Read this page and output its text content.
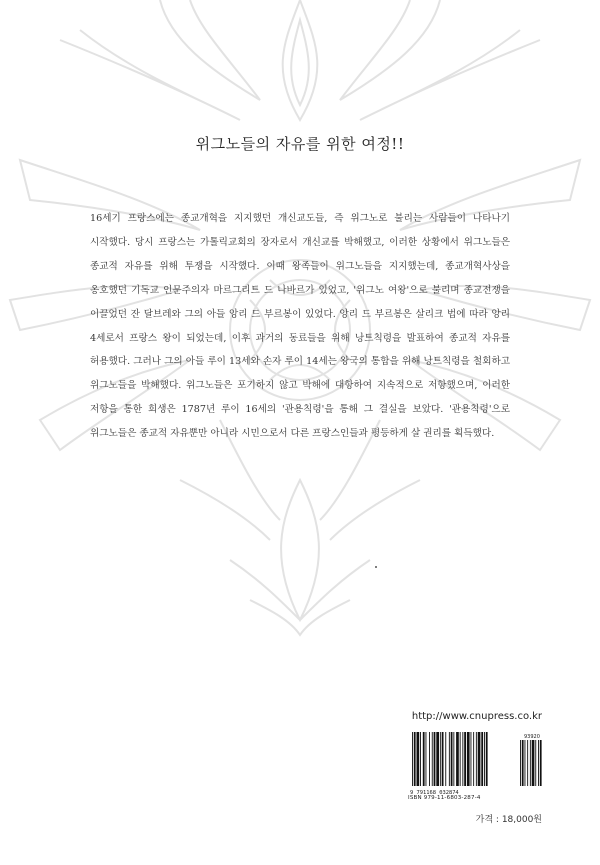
위그노들의 자유를 위한 여정!!
16세기 프랑스에는 종교개혁을 지지했던 개신교도들, 즉 위그노로 불리는 사람들이 나타나기 시작했다. 당시 프랑스는 가톨릭교회의 장자로서 개신교를 박해했고, 이러한 상황에서 위그노들은 종교적 자유를 위해 투쟁을 시작했다. 이때 왕족들이 위그노들을 지지했는데, 종교개혁사상을 옹호했던 기독교 인문주의자 마르그리트 드 나바르가 있었고, '위그노 여왕'으로 불리며 종교전쟁을 이끌었던 잔 달브레와 그의 아들 앙리 드 부르봉이 있었다. 앙리 드 부르봉은 살리크 법에 따라 앙리 4세로서 프랑스 왕이 되었는데, 이후 과거의 동료들을 위해 낭트칙령을 발표하여 종교적 자유를 허용했다. 그러나 그의 아들 루이 13세와 손자 루이 14세는 왕국의 통합을 위해 낭트칙령을 철회하고 위그노들을 박해했다. 위그노들은 포기하지 않고 박해에 대항하여 지속적으로 저항했으며, 이러한 저항을 통한 희생은 1787년 루이 16세의 '관용칙령'을 통해 그 결실을 보았다. '관용칙령'으로 위그노들은 종교적 자유뿐만 아니라 시민으로서 다른 프랑스인들과 평등하게 살 권리를 획득했다.
http://www.cnupress.co.kr
93920
9 791168 032874
ISBN 979-11-6803-287-4
가격 : 18,000원
